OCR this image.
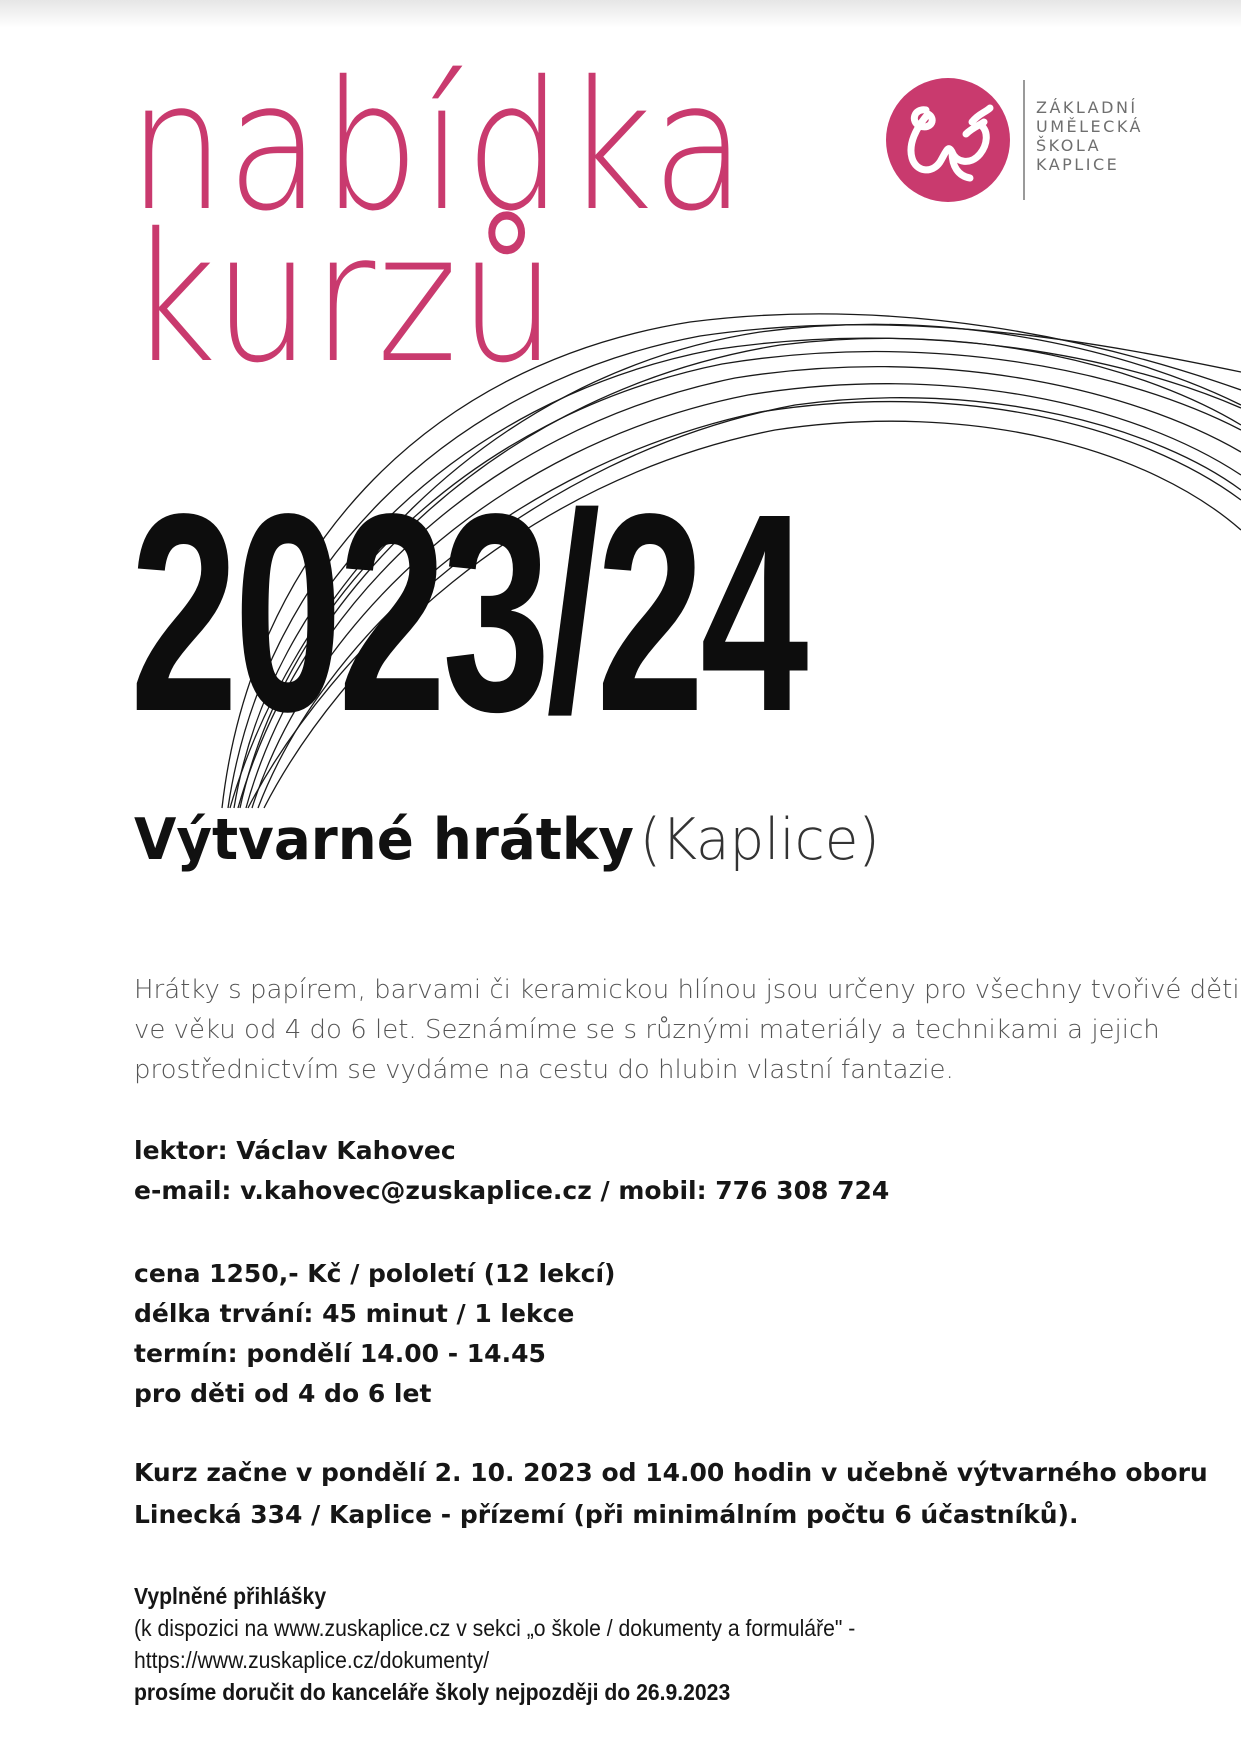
nabídka
kurzů
ZÁKLADNÍ
UMĚLECKÁ
ŠKOLA
KAPLICE
2023/24
Výtvarné hrátky (Kaplice)

Hrátky s papírem, barvami či keramickou hlínou jsou určeny pro všechny tvořivé děti
ve věku od 4 do 6 let. Seznámíme se s různými materiály a technikami a jejich
prostřednictvím se vydáme na cestu do hlubin vlastní fantazie.

lektor: Václav Kahovec
e-mail: v.kahovec@zuskaplice.cz / mobil: 776 308 724

cena 1250,- Kč / pololetí (12 lekcí)
délka trvání: 45 minut / 1 lekce
termín: pondělí 14.00 - 14.45
pro děti od 4 do 6 let

Kurz začne v pondělí 2. 10. 2023 od 14.00 hodin v učebně výtvarného oboru
Linecká 334 / Kaplice - přízemí (při minimálním počtu 6 účastníků).

Vyplněné přihlášky
(k dispozici na www.zuskaplice.cz v sekci „o škole / dokumenty a formuláře" -
https://www.zuskaplice.cz/dokumenty/
prosíme doručit do kanceláře školy nejpozději do 26.9.2023
